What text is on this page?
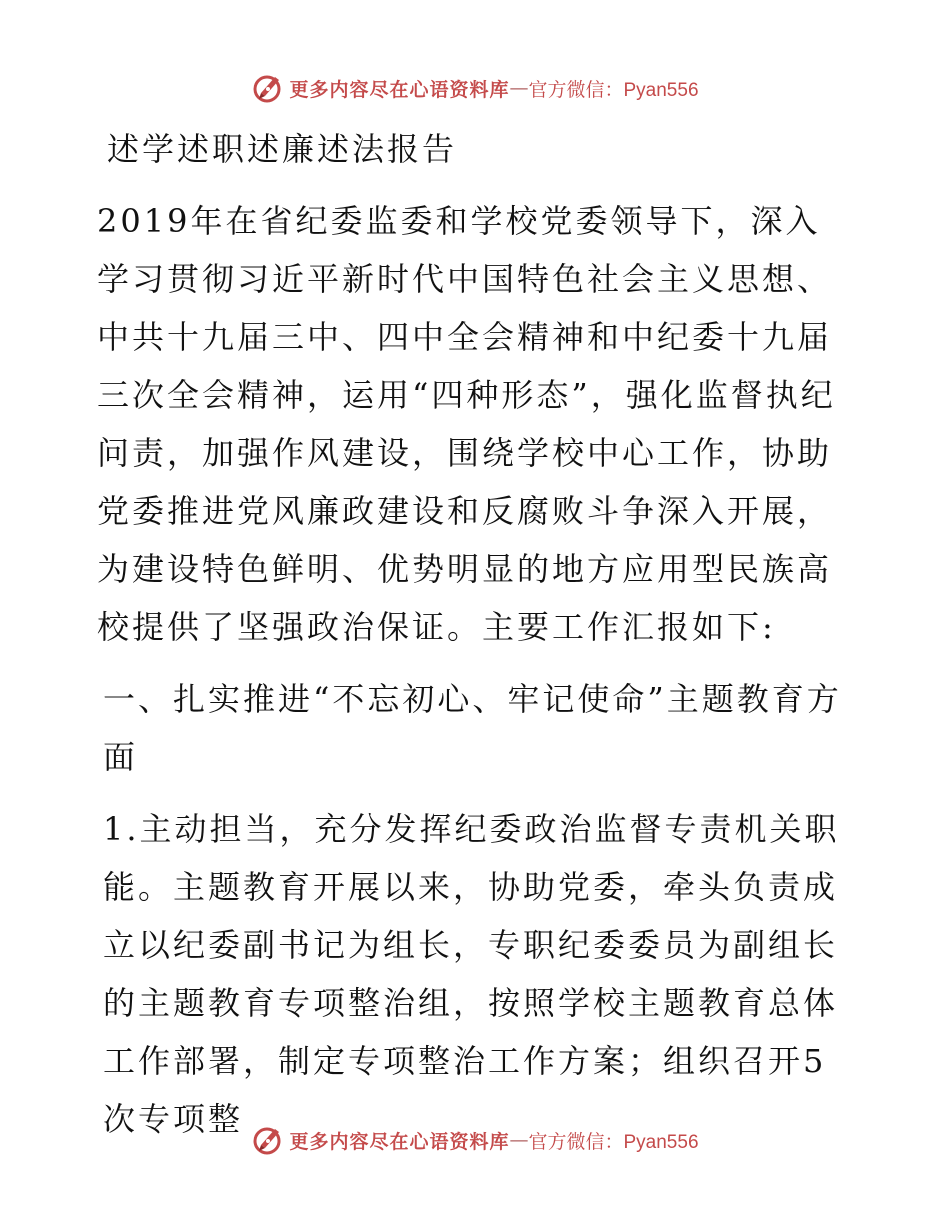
更多内容尽在心语资料库 — 官方微信：Pyan556

述学述职述廉述法报告

2019年在省纪委监委和学校党委领导下，深入学习贯彻习近平新时代中国特色社会主义思想、中共十九届三中、四中全会精神和中纪委十九届三次全会精神，运用“四种形态”，强化监督执纪问责，加强作风建设，围绕学校中心工作，协助党委推进党风廉政建设和反腐败斗争深入开展，为建设特色鲜明、优势明显的地方应用型民族高校提供了坚强政治保证。主要工作汇报如下:

一、扎实推进“不忘初心、牢记使命”主题教育方面

1.主动担当，充分发挥纪委政治监督专责机关职能。主题教育开展以来，协助党委，牵头负责成立以纪委副书记为组长，专职纪委委员为副组长的主题教育专项整治组，按照学校主题教育总体工作部署，制定专项整治工作方案；组织召开5次专项整

更多内容尽在心语资料库 — 官方微信：Pyan556
